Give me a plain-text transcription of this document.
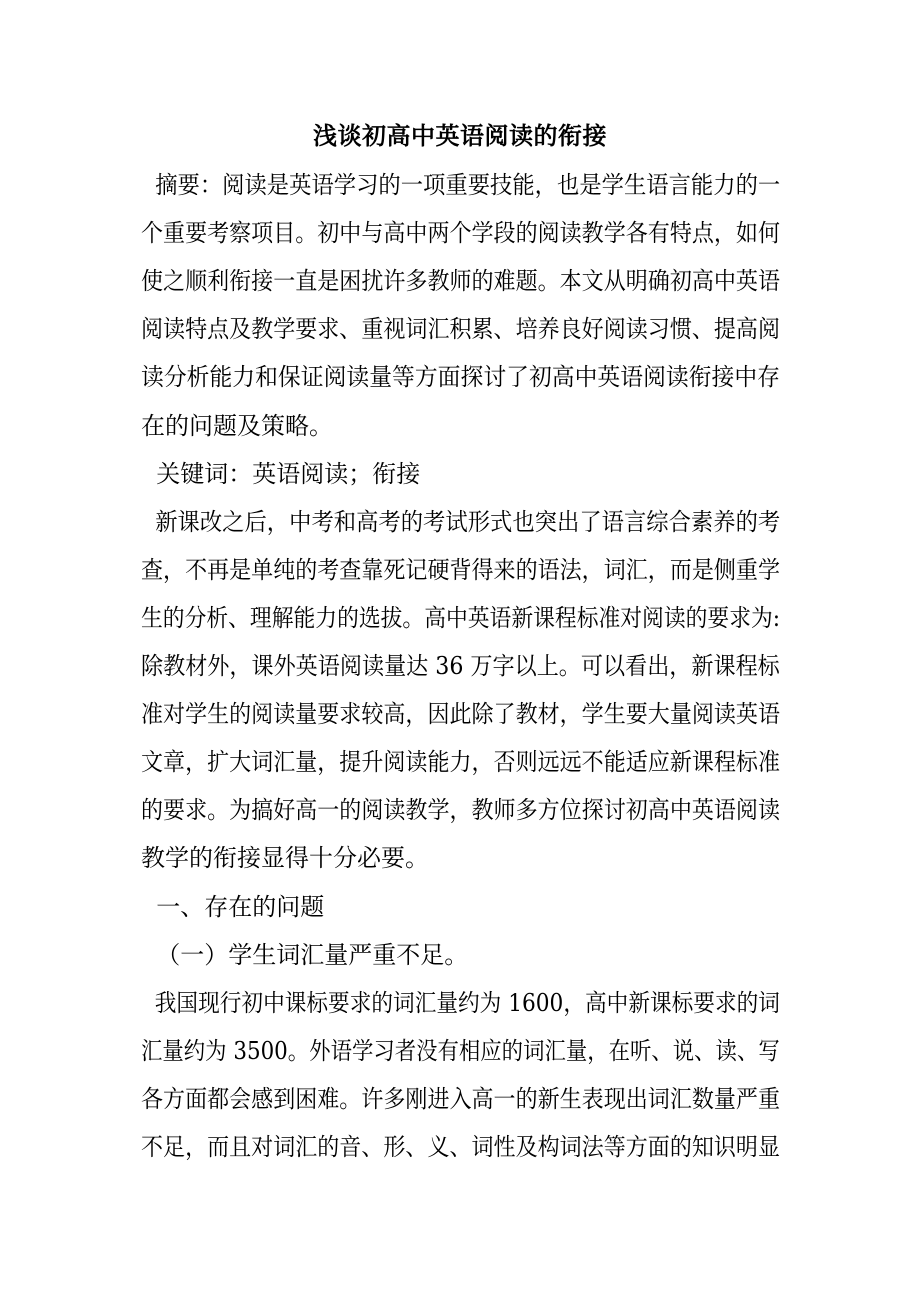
浅谈初高中英语阅读的衔接
摘要：阅读是英语学习的一项重要技能，也是学生语言能力的一
个重要考察项目。初中与高中两个学段的阅读教学各有特点，如何
使之顺利衔接一直是困扰许多教师的难题。本文从明确初高中英语
阅读特点及教学要求、重视词汇积累、培养良好阅读习惯、提高阅
读分析能力和保证阅读量等方面探讨了初高中英语阅读衔接中存
在的问题及策略。
关键词：英语阅读；衔接
新课改之后，中考和高考的考试形式也突出了语言综合素养的考
查，不再是单纯的考查靠死记硬背得来的语法，词汇，而是侧重学
生的分析、理解能力的选拔。高中英语新课程标准对阅读的要求为:
除教材外，课外英语阅读量达 36 万字以上。可以看出，新课程标
准对学生的阅读量要求较高，因此除了教材，学生要大量阅读英语
文章，扩大词汇量，提升阅读能力，否则远远不能适应新课程标准
的要求。为搞好高一的阅读教学，教师多方位探讨初高中英语阅读
教学的衔接显得十分必要。
一、存在的问题
（一）学生词汇量严重不足。
我国现行初中课标要求的词汇量约为 1600，高中新课标要求的词
汇量约为 3500。外语学习者没有相应的词汇量，在听、说、读、写
各方面都会感到困难。许多刚进入高一的新生表现出词汇数量严重
不足，而且对词汇的音、形、义、词性及构词法等方面的知识明显
